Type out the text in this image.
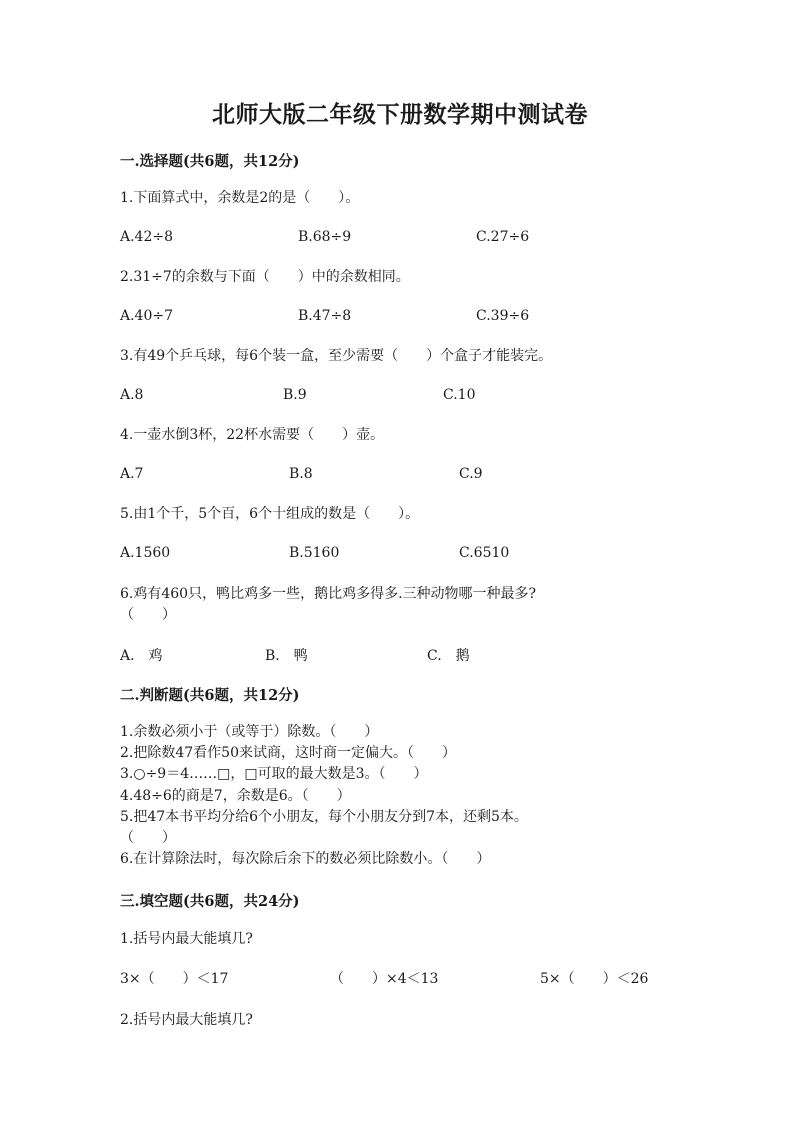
北师大版二年级下册数学期中测试卷
一.选择题(共6题，共12分)
1.下面算式中，余数是2的是（　　）。
A.42÷8	B.68÷9	C.27÷6
2.31÷7的余数与下面（　　）中的余数相同。
A.40÷7	B.47÷8	C.39÷6
3.有49个乒乓球，每6个装一盒，至少需要（　　）个盒子才能装完。
A.8	B.9	C.10
4.一壶水倒3杯，22杯水需要（　　）壶。
A.7	B.8	C.9
5.由1个千，5个百，6个十组成的数是（　　）。
A.1560	B.5160	C.6510
6.鸡有460只，鸭比鸡多一些，鹅比鸡多得多.三种动物哪一种最多?
（　　）
A.　鸡	B.　鸭	C.　鹅
二.判断题(共6题，共12分)
1.余数必须小于（或等于）除数。（　　）
2.把除数47看作50来试商，这时商一定偏大。（　　）
3.○÷9＝4……□，□可取的最大数是3。（　　）
4.48÷6的商是7，余数是6。（　　）
5.把47本书平均分给6个小朋友，每个小朋友分到7本，还剩5本。
（　　）
6.在计算除法时，每次除后余下的数必须比除数小。（　　）
三.填空题(共6题，共24分)
1.括号内最大能填几?
3×（　　）＜17	（　　）×4＜13	5×（　　）＜26
2.括号内最大能填几?
